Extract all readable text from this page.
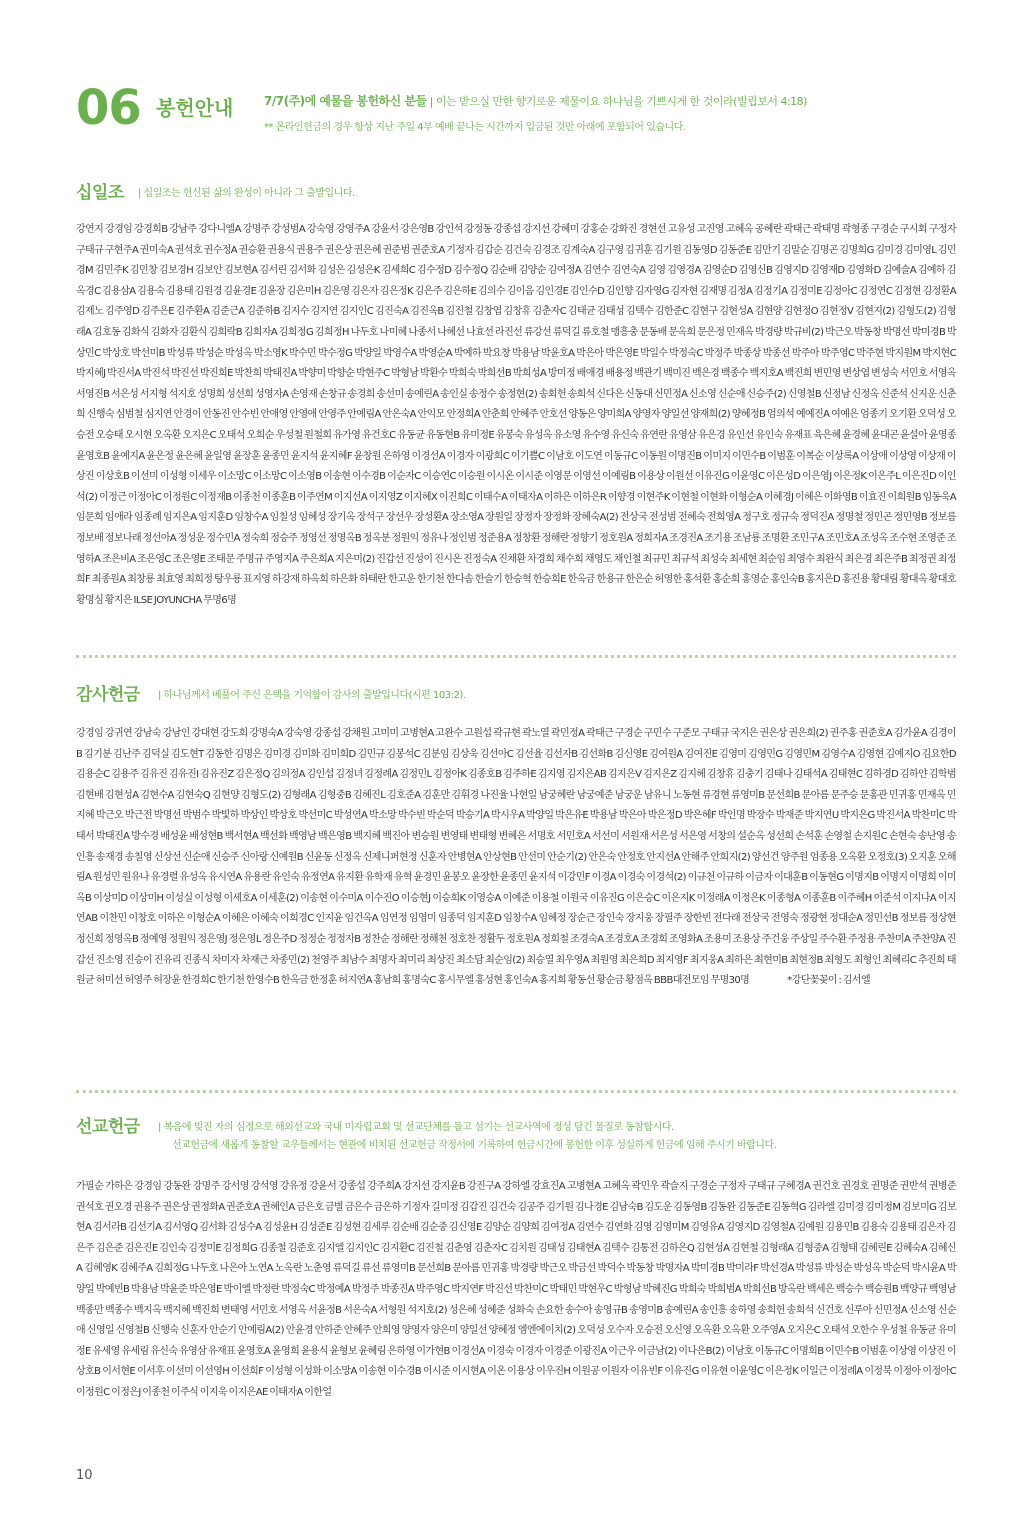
06 봉헌안내	7/7(주)에 예물을 봉헌하신 분들 | 이는 받으실 만한 향기로운 제물이요 하나님을 기쁘시게 한 것이라(빌립보서 4:18)
** 온라인헌금의 경우 항상 지난 주일 4부 예배 끝나는 시간까지 입금된 것만 아래에 포함되어 있습니다.
십일조 | 십일조는 헌신된 삶의 완성이 아니라 그 출발입니다.
강연지 강경임 강경희B 강남주 강다니엘A 강명주 강성범A 강숙영 강영주A 강윤서 강은영B 강인석 강정동 강종섭 강지선 강혜미 강홍순 강화진 경현선 고유성 고진영 고혜옥 공혜란 곽태근 곽태명 곽형종 구경순 구시회 구정자 구태규 구현주A 권미숙A 권석호 권수정A 권승환 권용식 권용주 권은상 권은혜 권준범 권준호A 기정자 김갑순 김건숙 김경조 김계숙A 김구영 김귀훈 김기원 김동영D 김동준E 김만기 김말순 김명곤 김명희G 김미경 김미영L 김민경M 김민주K 김민창 김보경H 김보안 김보현A 김서린 김서화 김성은 김성은K 김세희C 김수정D 김수정Q 김순배 김양순 김여정A 김연수 김연숙A 김영 김영경A 김영순D 김영신B 김영지D 김영재D 김영화D 김예슬A 김예하 김옥경C 김용삼A 김용숙 김용태 김원경 김윤경E 김윤장 김은미H 김은영 김은자 김은정K 김은주 김은하E 김의수 김이음 김인경E 김인수D 김인향 김자영G 김자현 김재명 김정A 김정기A 김정미E 김정아C 김정연C 김정현 김정환A 김제노 김주영D 김주은E 김주환A 김준근A 김준하B 김지수 김지연 김지인C 김진숙A 김진옥B 김진철 김창엽 김창휴 김춘자C 김태균 김태성 김택수 김한준C 김현구 김현성A 김현양 김현정O 김현정V 김현지(2) 김형도(2) 김형래A 김호동 김화식 김화자 김환식 김희락B 김희자A 김희정G 김희정H 나두호 나미혜 나종서 나혜선 나효선 라진선 류강선 류덕길 류호철 맹흥충 문동배 문옥희 문은정 민재옥 박경량 박규비(2) 박근오 박동창 박명선 박미경B 박상민C 박상호 박선미B 박성류 박성순 박성옥 박소영K 박수민 박수정G 박양일 박영수A 박영순A 박예하 박요창 박용남 박윤호A 박은아 박은영E 박일수 박정숙C 박정주 박종상 박종선 박주아 박주영C 박주현 박지원M 박지현C 박지혜J 박진서A 박진석 박진선 박진희E 박찬희 박태진A 박향미 박향순 박현주C 박형남 박환수 박희숙 박희선B 박희성A 방미정 배애경 배용정 백관기 백미진 백은경 백종수 백지호A 백진희 변민영 변상엽 변성숙 서민호 서영옥 서영진B 서은성 서지형 석지호 성명희 성선희 성영자A 손영재 손창규 송경희 송선미 송예린A 송인실 송정수 송정현(2) 송회헌 송희석 신다은 신동대 신민정A 신소영 신순애 신승주(2) 신영철B 신정남 신정옥 신준석 신지운 신춘희 신행숙 심범철 심지연 안경이 안동진 안수빈 안애영 안영애 안영주 안예림A 안은숙A 안익모 안정희A 안춘희 안혜주 안호선 양동은 양미희A 양영자 양일선 양재희(2) 양혜정B 엄의석 예예진A 여예은 엄종기 오기환 오덕성 오승전 오승태 오시현 오옥환 오지은C 오태석 오희순 우성철 원철희 유가영 유건호C 유동균 유동현B 유미정E 유봉숙 유성옥 유소영 유수영 유신숙 유연란 유영삼 유은경 유인선 유인숙 유재표 육은혜 윤경혜 윤대곤 윤설아 윤영종 윤영호B 윤예지A 윤은정 윤은혜 윤일영 윤장훈 윤종민 윤지석 윤지혜F 윤창원 은하영 이경선A 이경자 이광희C 이기쁨C 이남호 이도연 이동규C 이동원 이명진B 이미지 이민수B 이범훈 이복순 이상록A 이상애 이상영 이상재 이상진 이상호B 이선미 이성형 이세우 이소망C 이소망C 이소영B 이송현 이수경B 이순자C 이승연C 이승원 이시온 이시준 이영문 이영선 이예림B 이용상 이원선 이유진G 이윤영C 이은성D 이은영J 이은정K 이은주L 이은진D 이인석(2) 이정근 이정아C 이정원C 이정재B 이종천 이종훈B 이주연M 이지선A 이지영Z 이지혜X 이진희C 이태수A 이태자A 이하은 이하은R 이향경 이현주K 이현철 이현화 이형순A 이혜경J 이혜은 이화영B 이효진 이희원B 임동욱A 임문희 임애라 임종례 임지은A 임지훈D 임창수A 임칠성 임혜성 장기옥 장석구 장선우 장성환A 장소영A 장원일 장정자 장정화 장혜숙A(2) 전상국 전성범 전혜숙 전희영A 정구호 정규숙 정덕진A 정명철 정민곤 정민영B 정보름 정보배 정보나래 정선아A 정성운 정수민A 정숙희 정승주 정영선 정영옥B 정옥분 정원익 정유나 정인범 정준용A 정창환 정해란 정향기 정호원A 정희자A 조경진A 조기용 조남룡 조명환 조민구A 조민호A 조성옥 조수현 조영준 조영하A 조은비A 조은영C 조은영E 조태문 주명규 주영지A 주은희A 지은미(2) 진갑선 진성이 진시온 진정숙A 진채환 차경희 채수희 채영도 채인철 최규민 최규석 최성숙 최세현 최순임 최영수 최완식 최은경 최은주B 최정권 최정희F 최종원A 최창룡 최효영 최희정 탕우룡 표지영 하강재 하옥희 하은화 하태란 한고운 한기천 한다솜 한슬기 한승혁 한승희E 한옥금 한용규 한은순 허영한 홍석환 홍순희 홍영순 홍인숙B 홍지은D 홍진용 황대림 황대옥 황대호 황명심 황지은 ILSE JOYUNCHA 무명6명
감사헌금 | 하나님께서 베풀어 주신 은택을 기억함이 감사의 출발입니다(시편 103:2).
강경임 강귀연 강남숙 강남인 강대현 강도희 강명숙A 강숙영 강종섭 강채원 고미미 고병현A 고완수 고원섭 곽규현 곽노열 곽민정A 곽태근 구경순 구민수 구준모 구태규 국지은 권은상 권은희(2) 권주홍 권준호A 김가윤A 김경이B 김기분 김난주 김덕실 김도현T 김동한 김명은 김미경 김미화 김미희D 김민규 김봉석C 김분임 김상욱 김선아C 김선율 김선자B 김선화B 김신영E 김여원A 김여진E 김영미 김영민G 김영민M 김영수A 김영현 김예지O 김요한D 김용순C 김용주 김유진 김유진I 김유진Z 김은정Q 김의정A 김인섭 김정녀 김정례A 김정민L 김정아K 김종호B 김주하E 김지영 김지은AB 김지은V 김지은Z 김지혜 김창휴 김충기 김태나 김태석A 김태현C 김하경D 김하얀 김학범 김현배 김현성A 김현수A 김현숙Q 김현양 김형도(2) 김형래A 김형중B 김혜진L 김호준A 김훈만 김휘경 나진율 나현일 남궁혜란 남궁예준 남궁운 남유니 노동현 류경현 류영미B 문선희B 문아름 문주승 문홍관 민귀홍 민재옥 민지혜 박근오 박근전 박명선 박범수 박빛하 박상인 박상호 박선미C 박성연A 박소망 박수빈 박순덕 박승기A 박시우A 박양일 박은유E 박용남 박은아 박은정D 박은혜F 박인명 박장수 박재준 박지연U 박지은G 박진서A 박찬미C 박태서 박태진A 방수경 배성윤 배성현B 백서현A 백선화 백영남 백은영B 백지혜 백진아 변승원 변영태 변태형 변혜은 서명호 서민호A 서선미 서원재 서은성 서은영 서창의 설순옥 성선희 손석훈 손영철 손지원C 손현숙 송난영 송인흥 송재경 송칠영 신상선 신순애 신승주 신아랑 신예원B 신윤동 신정옥 신제니퍼현정 신훈자 안병현A 안상현B 안선미 안순기(2) 안은숙 안정호 안지선A 안해주 안희지(2) 양선건 양주원 엄종용 오옥환 오정호(3) 오지훈 오해림A 원성민 원유나 유경렬 유성옥 유시연A 유용란 유인숙 유정연A 유지환 유학재 유혁 윤경민 윤봉오 윤장한 윤종민 윤지석 이강민F 이경A 이경숙 이경석(2) 이규천 이규하 이금자 이대훈B 이동현G 이명지B 이명지 이명희 이미옥B 이상미D 이상미H 이성실 이성형 이세호A 이세훈(2) 이송현 이수미A 이수진O 이승현J 이승희K 이영승A 이예준 이용철 이원국 이유진G 이은승C 이은지K 이정래A 이정은K 이종형A 이종훈B 이주혜H 이준석 이지나A 이지연AB 이찬민 이창호 이하은 이형순A 이혜은 이혜숙 이희경C 인지윤 임건옥A 임연정 임영미 임종덕 임지훈D 임창수A 임혜정 장순근 장인숙 장지웅 장필주 장한빈 전다래 전상국 전영숙 정광현 정대순A 정민선B 정보름 정상현 정신희 정영옥B 정예영 정원익 정은영J 정은영L 정은주D 정정순 정정자B 정찬순 정해란 정해천 정호찬 정활두 정호원A 정희철 조경숙A 조경호A 조경희 조영화A 조용미 조용상 주건웅 주상일 주수환 주정용 주찬미A 주찬양A 진갑선 진소영 진승이 진유리 진종식 차미자 차재근 차종민(2) 천영주 최남수 최명자 최미리 최상진 최소담 최순임(2) 최승열 최우영A 최원영 최은희D 최지영F 최지웅A 최하은 최현미B 최현정B 최형도 최형인 최혜리C 추진희 태원균 허미선 허영주 허장윤 한경희C 한기천 한영수B 한옥금 한정훈 허지연A 홍남희 홍명숙C 홍시무엘 홍성현 홍인숙A 홍지희 황동선 황순금 황점옥 BBB대전모임 무명30명	*강단꽃꽂이 : 김서엘
선교헌금 | 복음에 빚진 자의 심정으로 해외선교와 국내 미자립교회 및 선교단체를 돕고 섬기는 선교사역에 정성 담긴 물질로 동참합시다.
선교헌금에 새롭게 동참할 교우들께서는 현관에 비치된 선교헌금 작정서에 기록하여 헌금시간에 봉헌한 이후 성실하게 헌금에 임해 주시기 바랍니다.
가필순 가하은 강경임 강동완 강명주 강서영 강석영 강유정 강윤서 강종섭 강주희A 강지선 강지윤B 강진구A 강하엘 강효진A 고병현A 고혜옥 곽민우 곽슬지 구경순 구정자 구태규 구혜경A 권건호 권경호 권명준 권반석 권병준 권석호 권오경 권용주 권은상 권정화A 권준호A 권혜인A 금은호 금별 금은수 금은하 기정자 길미정 김갑진 김건숙 김공주 김기원 김나경E 김남숙B 김도운 김동영B 김동완 김동준E 김동혁G 김라엘 김미경 김미정M 김보미G 김보현A 김서라B 김선기A 김서영Q 김서화 김성수A 김성윤H 김성준E 김성현 김세루 김순배 김순중 김신영E 김양순 김양희 김여정A 김연수 김연화 김영 김영미M 김영유A 김영지D 김영철A 김예원 김용민B 김용숙 김용태 김은자 김은주 김은준 김은진E 김인숙 김정미E 김정희G 김종철 김준호 김지엘 김지인C 김지환C 김진철 김춘영 김춘자C 김치원 김태성 김태현A 김택수 김통전 김하은Q 김현성A 김현철 김형래A 김형중A 김형태 김혜린E 김혜숙A 김혜신A 김혜영K 김혜주A 김희정G 나두호 나은아 노연A 노옥란 노춘영 류덕길 류선 류영미B 문선희B 문아름 민귀홍 박경량 박근오 박금선 박덕수 박동창 박명자A 박미경B 박미라F 박선경A 박성류 박성순 박성옥 박순덕 박시윤A 박양일 박예빈B 박용남 박윤준 박은영E 박이엘 박정란 박정숙C 박정예A 박정주 박종진A 박주영C 박지연F 박진선 박찬미C 박태민 박현우C 박형남 박혜진G 박희숙 박희범A 박희선B 방옥란 백세은 백승수 백승원B 백양규 백영남 백종만 백종수 백지옥 백지혜 백진희 변태영 서민호 서영옥 서윤정B 서은숙A 서형원 석지호(2) 성은혜 성혜준 성화숙 손요한 송수아 송영규B 송영미B 송예린A 송인흥 송하영 송희헌 송희석 신건호 신루아 신민정A 신소영 신순애 신영일 신영철B 신행숙 신훈자 안순기 안예림A(2) 안윤경 안하준 안혜주 안희영 양영자 양은미 양일선 양혜정 엠엔에이치(2) 오덕성 오수자 오승전 오신영 오옥환 오옥환 오주영A 오지은C 오태석 오한수 우성철 유동균 유미정E 유세영 유세림 유신숙 유영삼 유재표 윤영호A 윤영희 윤용식 윤형보 윤혜림 은하영 이가현B 이경선A 이경숙 이경자 이경준 이광진A 이근우 이금남(2) 이나은B(2) 이남호 이동규C 이명희B 이민수B 이범훈 이상영 이상진 이상호B 이서현E 이서후 이선미 이선영H 이선희F 이성형 이성화 이소망A 이송현 이수경B 이시준 이시현A 이온 이용상 이우진H 이원공 이원자 이유빈F 이유진G 이유현 이윤영C 이은정K 이일근 이정례A 이정북 이정아 이정아C 이정원C 이정은J 이종천 이주식 이지욱 이지은AE 이태자A 이한얼
10
